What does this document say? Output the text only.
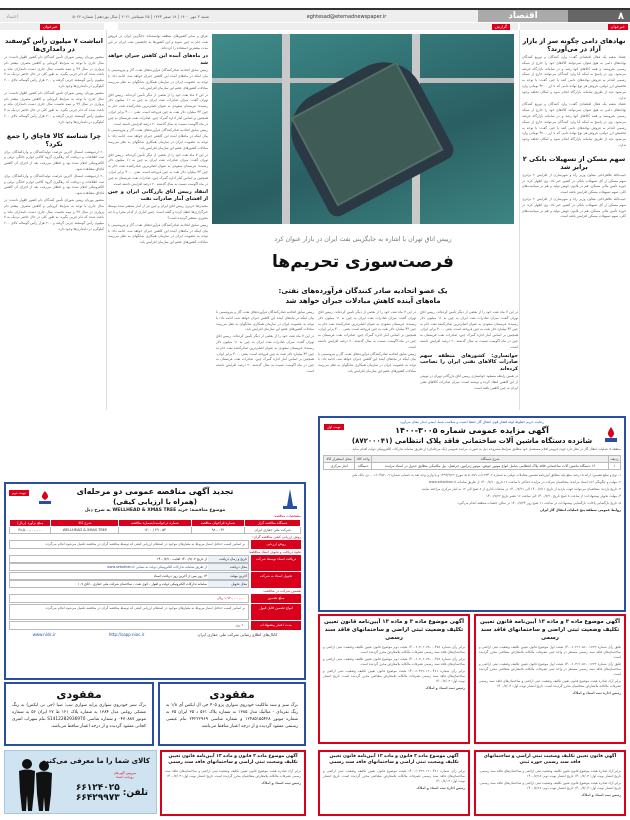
۸
اقتصاد
eghtesad@etemadnewspaper.ir
شنبه ۳ مهر ۱۴۰۰ | ۱۸ صفر ۱۴۴۳ | ۲۵ سپتامبر ۲۰۲۱ | سال نوزدهم | شماره ۵۰۲۴
اعتماد
خبرخوان
گزارش
خبرخوان
نهادهای دامی چگونه سر از بازار آزاد در می‌آورند؟

عضاء شعبه یک فعال اقتصادی گفت: وارد کنندگان و توزیع کنندگان نهاده‌های دامی به هیچ عنوان نمی‌توانند کالاهای خود را خارج از شبکه رسمی بفروشند و همه کالاهای آنها رصد و در سامانه بازارگاه عرضه می‌شود. وی در پاسخ به اینکه آیا وارد کنندگان می‌توانند خارج از شبکه رسمی اقدام به فروش نهاده‌های دامی کنند یا خیر، گفت: با توجه به تخصیص ارز دولتی، فروش هر نوع نهاده دامی که با ارز ۴۲۰۰ تومانی وارد می‌شود باید از طریق سامانه بازارگاه انجام شود و امکان تخلف وجود ندارد.

عضاء شعبه یک فعال اقتصادی گفت: وارد کنندگان و توزیع کنندگان نهاده‌های دامی به هیچ عنوان نمی‌توانند کالاهای خود را خارج از شبکه رسمی بفروشند و همه کالاهای آنها رصد و در سامانه بازارگاه عرضه می‌شود. وی در پاسخ به اینکه آیا وارد کنندگان می‌توانند خارج از شبکه رسمی اقدام به فروش نهاده‌های دامی کنند یا خیر، گفت: با توجه به تخصیص ارز دولتی، فروش هر نوع نهاده دامی که با ارز ۴۲۰۰ تومانی وارد می‌شود باید از طریق سامانه بازارگاه انجام شود و امکان تخلف وجود ندارد.

سهم مسکن از تسهیلات بانکی ۲ برابر شد

حبیب‌الله طاهرخانی معاون وزیر راه و شهرسازی از افزایش ۲ برابری سهم مسکن از کل تسهیلات بانکی در کشور خبر داد. وی اظهار کرد: در حوزه تأمین مالی مسکن، هم در قانون جهش تولید و هم در سیاست‌های کلی، سهم تسهیلات مسکن افزایش یافته است.

حبیب‌الله طاهرخانی معاون وزیر راه و شهرسازی از افزایش ۲ برابری سهم مسکن از کل تسهیلات بانکی در کشور خبر داد. وی اظهار کرد: در حوزه تأمین مالی مسکن، هم در قانون جهش تولید و هم در سیاست‌های کلی، سهم تسهیلات مسکن افزایش یافته است.

رییس اتاق تهران با اشاره به جایگزینی نفت ایران در بازار عنوان کرد
فرصت‌سوزی تحریم‌ها
یک عضو اتحادیه صادر کنندگان فرآورده‌های نفتی:
ماه‌های آینده کاهش مبادلات جبران خواهد شد

در این ۷ ماه نفت خود را از بعضی از دیگر تأمین کرده‌اند. رییس اتاق تهران گفت: میزان صادرات نفت ایران به چین به ۱۱ میلیون دلار رسیده؛ عربستان سعودی به عنوان اصلی‌ترین صادرکننده نفت خام به چین ۴۳ میلیارد دلار نفت به چین فروخته است. یعنی ۴۰۰۰ برابر ایران. همچنین بر اساس آمار اداره گمرک چین، صادرات نفت عربستان به چین در ماه آگوست نسبت به سال گذشته ۲۰ درصد افزایش داشته است.

خوانساری: کشورهای منطقه سهم صادرات کالاهای نفتی ایران را تصاحب کرده‌اند

در همین رابطه مسعود خوانساری رییس اتاق بازرگانی تهران در توییتی از این کاهش انتقاد کرده و نوشته است: میزان صادرات کالاهای نفتی ایران به چین کاهش یافته است.

در این ۷ ماه نفت خود را از بعضی از دیگر تأمین کرده‌اند. رییس اتاق تهران گفت: میزان صادرات نفت ایران به چین به ۱۱ میلیون دلار رسیده؛ عربستان سعودی به عنوان اصلی‌ترین صادرکننده نفت خام به چین ۴۳ میلیارد دلار نفت به چین فروخته است. یعنی ۴۰۰۰ برابر ایران. همچنین بر اساس آمار اداره گمرک چین، صادرات نفت عربستان به چین در ماه آگوست نسبت به سال گذشته ۲۰ درصد افزایش داشته است.

رییس سابق اتحادیه صادرکنندگان فرآورده‌های نفت، گاز و پتروشیمی با بیان اینکه در ماه‌های آینده این کاهش جبران خواهد شد، ادامه داد: با توجه به عضویت ایران در سازمان همکاری شانگهای به نظر می‌رسد مبادلات کشورهای عضو این سازمان افزایش یابد.

رییس سابق اتحادیه صادرکنندگان فرآورده‌های نفت، گاز و پتروشیمی با بیان اینکه در ماه‌های آینده این کاهش جبران خواهد شد، ادامه داد: با توجه به عضویت ایران در سازمان همکاری شانگهای به نظر می‌رسد مبادلات کشورهای عضو این سازمان افزایش یابد.

در این ۷ ماه نفت خود را از بعضی از دیگر تأمین کرده‌اند. رییس اتاق تهران گفت: میزان صادرات نفت ایران به چین به ۱۱ میلیون دلار رسیده؛ عربستان سعودی به عنوان اصلی‌ترین صادرکننده نفت خام به چین ۴۳ میلیارد دلار نفت به چین فروخته است. یعنی ۴۰۰۰ برابر ایران. همچنین بر اساس آمار اداره گمرک چین، صادرات نفت عربستان به چین در ماه آگوست نسبت به سال گذشته ۲۰ درصد افزایش داشته است.

عراق و سایر کشورهای منطقه توانسته‌اند جایگزین ایران در فروش نفت خام به چین شوند و این کشورها به جانشینی نفت ایران در این مدت بیشترین استفاده را کرده‌اند.

در ماه‌های آینده این کاهش جبران خواهد شد

رییس سابق اتحادیه صادرکنندگان فرآورده‌های نفت، گاز و پتروشیمی با بیان اینکه در ماه‌های آینده این کاهش جبران خواهد شد، ادامه داد: با توجه به عضویت ایران در سازمان همکاری شانگهای به نظر می‌رسد مبادلات کشورهای عضو این سازمان افزایش یابد.

در این ۷ ماه نفت خود را از بعضی از دیگر تأمین کرده‌اند. رییس اتاق تهران گفت: میزان صادرات نفت ایران به چین به ۱۱ میلیون دلار رسیده؛ عربستان سعودی به عنوان اصلی‌ترین صادرکننده نفت خام به چین ۴۳ میلیارد دلار نفت به چین فروخته است. یعنی ۴۰۰۰ برابر ایران. همچنین بر اساس آمار اداره گمرک چین، صادرات نفت عربستان به چین در ماه آگوست نسبت به سال گذشته ۲۰ درصد افزایش داشته است.

رییس سابق اتحادیه صادرکنندگان فرآورده‌های نفت، گاز و پتروشیمی با بیان اینکه در ماه‌های آینده این کاهش جبران خواهد شد، ادامه داد: با توجه به عضویت ایران در سازمان همکاری شانگهای به نظر می‌رسد مبادلات کشورهای عضو این سازمان افزایش یابد.

در این ۷ ماه نفت خود را از بعضی از دیگر تأمین کرده‌اند. رییس اتاق تهران گفت: میزان صادرات نفت ایران به چین به ۱۱ میلیون دلار رسیده؛ عربستان سعودی به عنوان اصلی‌ترین صادرکننده نفت خام به چین ۴۳ میلیارد دلار نفت به چین فروخته است. یعنی ۴۰۰۰ برابر ایران. همچنین بر اساس آمار اداره گمرک چین، صادرات نفت عربستان به چین در ماه آگوست نسبت به سال گذشته ۲۰ درصد افزایش داشته است.

انتقاد رییس اتاق بازرگانی ایران و چین از افشای آمار صادرات نفت

مجیدرضا حریری رییس اتاق ایران و چین نیز از آمار منتشر شده توسط خبرگزاری‌ها انتقاد کرده و گفته است: چنین آماری از کدام مجرا و با چه مجوزی منتشر گردیده است؟

رییس سابق اتحادیه صادرکنندگان فرآورده‌های نفت، گاز و پتروشیمی با بیان اینکه در ماه‌های آینده این کاهش جبران خواهد شد، ادامه داد: با توجه به عضویت ایران در سازمان همکاری شانگهای به نظر می‌رسد مبادلات کشورهای عضو این سازمان افزایش یابد.

انباشت ۷ میلیون رأس گوسفند در دامداری‌ها

منصور پوریان رییس شورای تأمین کنندگان دام کشور اظهار داشت: در سال جاری با توجه به شرایط کرونایی و کاهش مصرف بیشتر دام پرواری در سال ۹۹ و نیمه نخست سال جاری دست دامداران ماند و باعث شده که دام چربی بگیرد. به طور کلی در حال حاضر نزدیک به ۷ میلیون رأس گوسفند چربی گرفته و ۲۰۰ هزار رأس گوساله بالای ۶۰۰ کیلوگرم در دامداری‌ها وجود دارد.

منصور پوریان رییس شورای تأمین کنندگان دام کشور اظهار داشت: در سال جاری با توجه به شرایط کرونایی و کاهش مصرف بیشتر دام پرواری در سال ۹۹ و نیمه نخست سال جاری دست دامداران ماند و باعث شده که دام چربی بگیرد. به طور کلی در حال حاضر نزدیک به ۷ میلیون رأس گوسفند چربی گرفته و ۲۰۰ هزار رأس گوساله بالای ۶۰۰ کیلوگرم در دامداری‌ها وجود دارد.

چرا شناسه کالا قاچاق را جمع نکرد؟

۲۰ اردیبهشت امسال آخرین فرصت تولیدکنندگان و واردکنندگان برای ثبت اطلاعات و دریافت کد رهگیری گروه کالایی لوازم خانگی برقی و الکترونیکی اعلام شده بود و انتظار می‌رفت بعد از اجرای آن کاهش قاچاق مشاهده شود.

۲۰ اردیبهشت امسال آخرین فرصت تولیدکنندگان و واردکنندگان برای ثبت اطلاعات و دریافت کد رهگیری گروه کالایی لوازم خانگی برقی و الکترونیکی اعلام شده بود و انتظار می‌رفت بعد از اجرای آن کاهش قاچاق مشاهده شود.

منصور پوریان رییس شورای تأمین کنندگان دام کشور اظهار داشت: در سال جاری با توجه به شرایط کرونایی و کاهش مصرف بیشتر دام پرواری در سال ۹۹ و نیمه نخست سال جاری دست دامداران ماند و باعث شده که دام چربی بگیرد. به طور کلی در حال حاضر نزدیک به ۷ میلیون رأس گوسفند چربی گرفته و ۲۰۰ هزار رأس گوساله بالای ۶۰۰ کیلوگرم در دامداری‌ها وجود دارد.

رعایت حریم خطوط لوله فشار قوی انتقال گاز حفظ امنیت و سلامت شما، ایمنی ابدار معان می‌آورد
نوبت اول	آگهی مزایده عمومی شماره ۳۰۰۵-۱۴۰۰
شانزده دستگاه ماشین آلات ساختمانی فاقد پلاک انتظامی (۸۷۲۰۰۰۴۱)
منطقه ۵ عملیات انتقال گاز در نظر دارد جهت فروش اقلام مستعمل خود مطابق شرایط مشروحه ذیل به صورت مزایده عمومی (یک مرحله‌ای) از طریق سامانه تدارکات الکترونیکی دولت اقدام نماید.
ردیف	شرح دستگاه	واحد کالا	محل استقرار کالا
۱	۱۶ دستگاه ماشین آلات ساختمانی فاقد پلاک انتظامی شامل انواع موتور جوش، موتور ژنراتور، جرثقیل، بیل مکانیکی مطابق جدول در اسناد مزایده	دستگاه	انبار مرکزی
۱- نوع و مبلغ تضمین: ارائه ۵ درصد مبلغ پایه مطابق آیین‌نامه تضمین معاملات دولتی به شماره ۱۲۳۴۰۲/ت ۵۰۶۵۹ هـ مورخ ۱۳۹۴/۹/۲۲ و یا واریز وجه نقد به حساب شماره ۰۰۱۲۰۴۵۷۰۰۹ نزد بانک ملی
۲- مهلت و چگونگی اخذ اسناد مزایده: متقاضیان شرکت در مزایده حداکثر تا ساعت ۱۶ تاریخ ۱۴۰۰/۷/۱۰ از طریق سامانه www.setadiran.ir
۳- تاریخ بازدید: متقاضیان می‌توانند جهت بازدید از تاریخ ۱۴۰۰/۷/۱۱ الی ۱۴۰۰/۷/۲۱ در ساعات اداری از ۸ صبح الی ۱۲ به انبار مرکزی مراجعه نمایند.
۴- مهلت تحویل پیشنهادات: از ساعت ۸ صبح تاریخ ۱۴۰۰/۷/۲۰ الی ساعت ۱۶ عصر تاریخ ۱۴۰۰/۷/۲۲
۵- تاریخ بازگشایی پاکات: بازگشایی پیشنهادات در ساعت ۱۱ صبح روز ۱۴۰۰/۷/۲۴ در سالن جلسات منطقه انجام می‌گیرد.
روابط عمومی منطقه پنج عملیات انتقال گاز ایران
نوبت دوم	تجدید آگهی مناقصه عمومی دو مرحله‌ای
(همراه با ارزیابی کیفی)
موضوع مناقصه: خرید WELLHEAD & XMAS TREE به شرح ذیل
مشخصات مناقصه:
دستگاه مناقصه گزار	شماره فراخوان مناقصه	شماره درخواست/شماره مناقصه	شرح کالا	مبلغ برآورد (ریال)
شرکت ملی حفاری ایران	۹۸۰-۰۳۲	۵۳ - ۴۹ / ۱۴۰۰	WELLHEAD & XMAS TREE	۳۸,۵۰۰,۰۰۰,۰۰۰
روش ارزیابی کیفی مناقصه گران:
روش ارزیابی
بر اساس کسب حداقل امتیاز مربوط به معیارهای موجود در استعلام ارزیابی کیفی که توسط مناقصه گران در مناقصه تکمیل می‌شود انجام می‌گردد.
نحوه دریافت و تحویل اسناد مناقصه:
دریافت اسناد توسط شرکت
تاریخ و زمان دریافت
از تاریخ ۱۴۰۰/۷/۰۳ لغایت ۱۴۰۰/۷/۱۰
محل دریافت
از طریق سامانه تدارکات الکترونیکی دولت به نشانی www.setadiran.ir
تحویل اسناد به شرکت
آخرین مهلت
۱۴ روز پس از آخرین روز دریافت اسناد
محل تحویل
سامانه تدارکات الکترونیکی دولت و اهواز - کوی نفت - ساختمان شرکت ملی حفاری - اتاق ۱۰۷
تضمین شرکت در مناقصه:
مبلغ تضمین
۱,۹۲۰,۰۰۰,۰۰۰ ریال
انواع تضمین قابل قبول
بر اساس کسب حداقل امتیاز مربوط به معیارهای موجود در استعلام ارزیابی کیفی که توسط مناقصه گران در مناقصه تکمیل می‌شود انجام می‌گردد.
مدت اعتبار پیشنهادات
۹۰ روز
کانال‌های اطلاع رسانی شرکت ملی حفاری ایران
http://sapp.nioc.ir
www.nidc.ir
آگهی موضوع ماده ۳ و ماده ۱۳ آیین‌نامه قانون تعیین تکلیف وضعیت ثبتی اراضی و ساختمانهای فاقد سند رسمی
طبق رأی شماره ۱۴۰۰۶۰۳۱۲۰۵۶۰۰۱۷۲۳ هیئت اول موضوع قانون تعیین تکلیف وضعیت ثبتی اراضی و ساختمان‌های فاقد سند رسمی مستقر در واحد ثبتی تصرفات مالکانه بلامعارض متقاضی محرز گردیده است.
طبق رأی شماره ۱۴۰۰۶۰۳۱۲۰۵۶۰۰۱۷۲۳ هیئت اول موضوع قانون تعیین تکلیف وضعیت ثبتی اراضی و ساختمان‌های فاقد سند رسمی مستقر در واحد ثبتی تصرفات مالکانه بلامعارض متقاضی محرز گردیده است.
برابر آراء صادره هیئت موضوع قانون تعیین تکلیف وضعیت ثبتی اراضی و ساختمان‌های فاقد سند رسمی تصرفات مالکانه بلامعارض متقاضیان محرز گردیده است. تاریخ انتشار نوبت اول: ۱۴۰۰/۷/۰۳
رئیس اداره ثبت اسناد و املاک
آگهی موضوع ماده ۳ و ماده ۱۳ آیین‌نامه قانون تعیین تکلیف وضعیت ثبتی اراضی و ساختمانهای فاقد سند رسمی
برابر رأی شماره ۱۴۰۰۶۰۳۰۲۰۳۸۰۰۰۴۵۶ هیئت دوم موضوع قانون تعیین تکلیف وضعیت ثبتی اراضی و ساختمان‌های فاقد سند رسمی تصرفات مالکانه بلامعارض محرز گردیده است.
برابر رأی شماره ۱۴۰۰۶۰۳۰۲۰۳۸۰۰۰۴۵۶ هیئت دوم موضوع قانون تعیین تکلیف وضعیت ثبتی اراضی و ساختمان‌های فاقد سند رسمی تصرفات مالکانه بلامعارض محرز گردیده است.
برابر رأی شماره ۱۴۰۰۶۰۳۲۹۰۱۲۰۰۴۶۱ هیئت موضوع قانون تعیین تکلیف وضعیت ثبتی اراضی و ساختمان‌های فاقد سند رسمی تصرفات مالکانه بلامعارض متقاضی محرز گردیده است. تاریخ انتشار نوبت اول: ۱۴۰۰/۷/۰۳
رئیس ثبت اسناد و املاک
مفقودی

برگ سبز و سند مالکیت خودروی سواری پژو ۴۰۵ جی ال ایکس آی ۱/۸ به رنگ نقره‌ای - متالیک مدل ۱۳۸۵ به شماره پلاک ۵۶۱ د ۳۵ ایران ۳۵ به شماره موتور ۱۲۴۸۵۱۵۵۴۲۸ و شماره شاسی ۲۴۲۲۲۹۶۹ بنام عیسی رستمی مفقود گردیده و از درجه اعتبار ساقط می‌باشد.

مفقودی

برگ سبز خودروی سواری پرایه سواری تیپ: صبا (جی تی ایکس) به رنگ مشکی روغنی مدل ۱۳۸۴ به شماره پلاک ۱۲۱ ط ۲۷ ایران ۵۶ به شماره موتور ۰۴۷۰۸۸۷ و شماره شاسی S1412282936970 بنام سهراب امیری کجانی مفقود گردیده و از درجه اعتبار ساقط می‌باشد.

آگهی قانون تعیین تکلیف وضعیت ثبتی اراضی و ساختمانهای فاقد سند رسمی حوزه ثبتی
برابر آراء صادره هیئت موضوع قانون تعیین تکلیف وضعیت ثبتی اراضی و ساختمان‌های فاقد سند رسمی. تاریخ انتشار نوبت اول: ۱۴۰۰/۷/۰۳ تاریخ انتشار نوبت دوم: ۱۴۰۰/۷/۱۸
برابر آراء صادره هیئت موضوع قانون تعیین تکلیف وضعیت ثبتی اراضی و ساختمان‌های فاقد سند رسمی. تاریخ انتشار نوبت اول: ۱۴۰۰/۷/۰۳ تاریخ انتشار نوبت دوم: ۱۴۰۰/۷/۱۸
رئیس ثبت اسناد و املاک
آگهی موضوع ماده ۳ قانون و ماده ۱۳ آیین‌نامه قانون تعیین تکلیف وضعیت ثبتی اراضی و ساختمانهای فاقد سند رسمی
برابر رأی شماره ۱۴۰۰۶۰۳۲۹۰۱۲۰۰۴۶۱ هیئت موضوع قانون تعیین تکلیف وضعیت ثبتی اراضی و ساختمان‌های فاقد سند رسمی تصرفات مالکانه بلامعارض متقاضی محرز گردیده است. تاریخ انتشار نوبت اول: ۱۴۰۰/۷/۰۳
رئیس اداره ثبت اسناد و املاک
آگهی موضوع ماده ۳ قانون و ماده ۱۳ آیین‌نامه قانون تعیین تکلیف وضعیت ثبتی اراضی و ساختمانهای فاقد سند رسمی
برابر آراء صادره هیئت موضوع قانون تعیین تکلیف وضعیت ثبتی اراضی و ساختمان‌های فاقد سند رسمی تصرفات مالکانه بلامعارض متقاضیان محرز گردیده است. تاریخ انتشار نوبت اول: ۱۴۰۰/۷/۰۳
رئیس ثبت اسناد و املاک
کالای شما را ما معرفی می‌کنیم
سرویس آگهی‌های
روزنامه اعتماد
تلفن:
۶۶۱۲۴۰۲۵
۶۶۴۲۹۹۷۳
